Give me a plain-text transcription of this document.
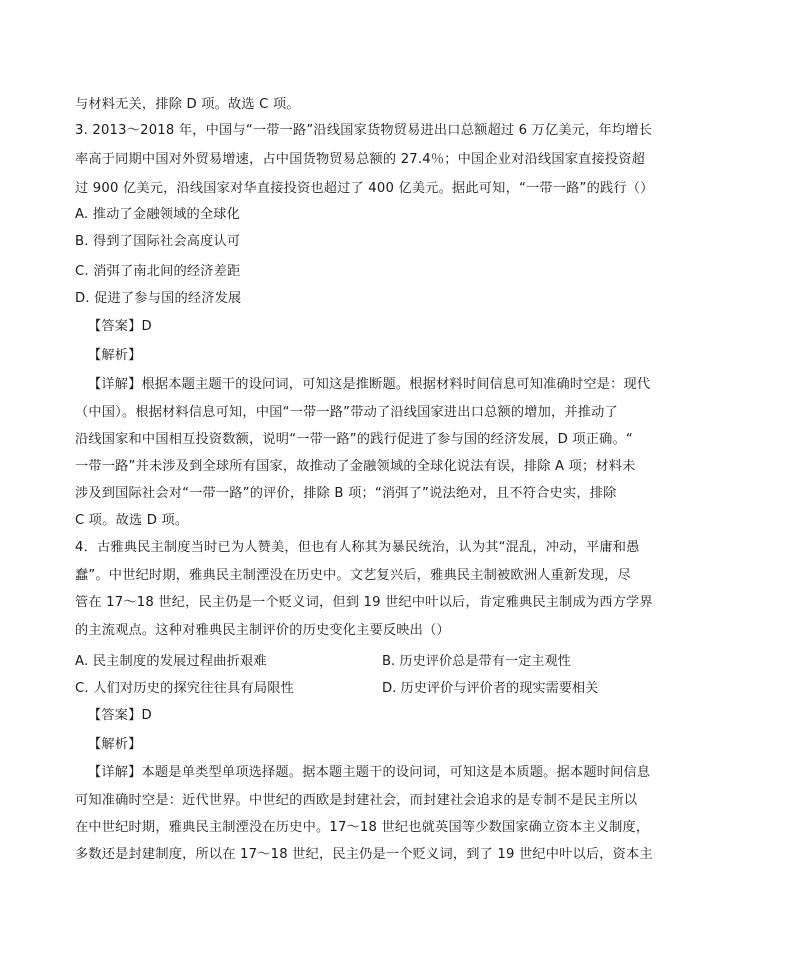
与材料无关，排除 D 项。故选 C 项。
3. 2013～2018 年，中国与“一带一路”沿线国家货物贸易进出口总额超过 6 万亿美元，年均增长
率高于同期中国对外贸易增速，占中国货物贸易总额的 27.4％；中国企业对沿线国家直接投资超
过 900 亿美元，沿线国家对华直接投资也超过了 400 亿美元。据此可知，“一带一路”的践行（）
A. 推动了金融领域的全球化
B. 得到了国际社会高度认可
C. 消弭了南北间的经济差距
D. 促进了参与国的经济发展
【答案】D
【解析】
【详解】根据本题主题干的设问词，可知这是推断题。根据材料时间信息可知准确时空是：现代
（中国）。根据材料信息可知，中国“一带一路”带动了沿线国家进出口总额的增加，并推动了
沿线国家和中国相互投资数额，说明“一带一路”的践行促进了参与国的经济发展，D 项正确。“
一带一路”并未涉及到全球所有国家，故推动了金融领域的全球化说法有误，排除 A 项；材料未
涉及到国际社会对“一带一路”的评价，排除 B 项；“消弭了”说法绝对，且不符合史实，排除
C 项。故选 D 项。
4．古雅典民主制度当时已为人赞美，但也有人称其为暴民统治，认为其“混乱，冲动，平庸和愚
蠢”。中世纪时期，雅典民主制湮没在历史中。文艺复兴后，雅典民主制被欧洲人重新发现，尽
管在 17～18 世纪，民主仍是一个贬义词，但到 19 世纪中叶以后，肯定雅典民主制成为西方学界
的主流观点。这种对雅典民主制评价的历史变化主要反映出（）
A. 民主制度的发展过程曲折艰难	B. 历史评价总是带有一定主观性
C. 人们对历史的探究往往具有局限性	D. 历史评价与评价者的现实需要相关
【答案】D
【解析】
【详解】本题是单类型单项选择题。据本题主题干的设问词，可知这是本质题。据本题时间信息
可知准确时空是：近代世界。中世纪的西欧是封建社会，而封建社会追求的是专制不是民主所以
在中世纪时期，雅典民主制湮没在历史中。17～18 世纪也就英国等少数国家确立资本主义制度，
多数还是封建制度，所以在 17～18 世纪，民主仍是一个贬义词，到了 19 世纪中叶以后，资本主
